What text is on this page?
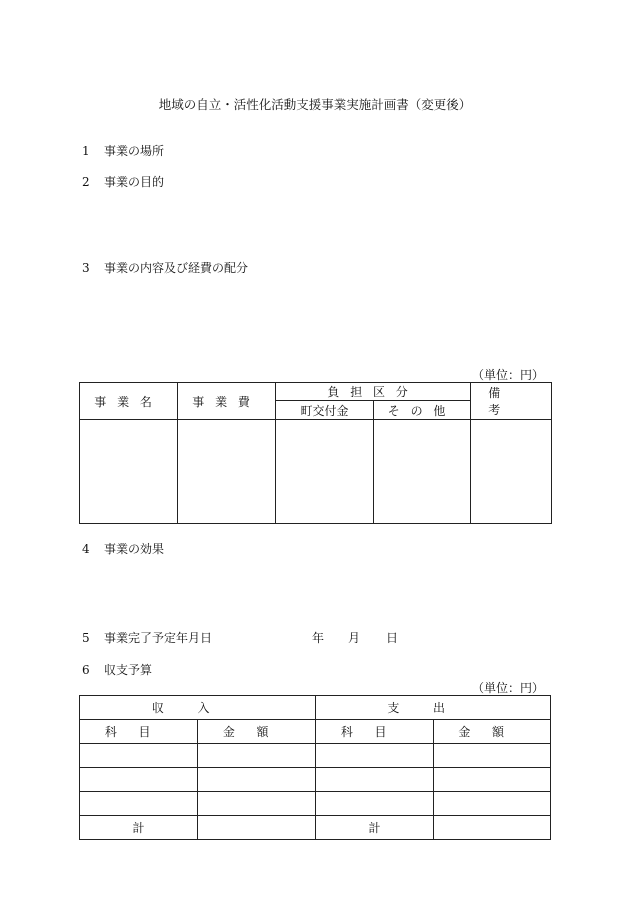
地域の自立・活性化活動支援事業実施計画書（変更後）
1 事業の場所
2 事業の目的
3 事業の内容及び経費の配分
（単位：円）
事業名	事業費	負担区分		備考
		町交付金	その他	

4 事業の効果
5 事業完了予定年月日	年 月 日
6 収支予算
（単位：円）
収入		支出	
科目	金額	科目	金額

計		計	
